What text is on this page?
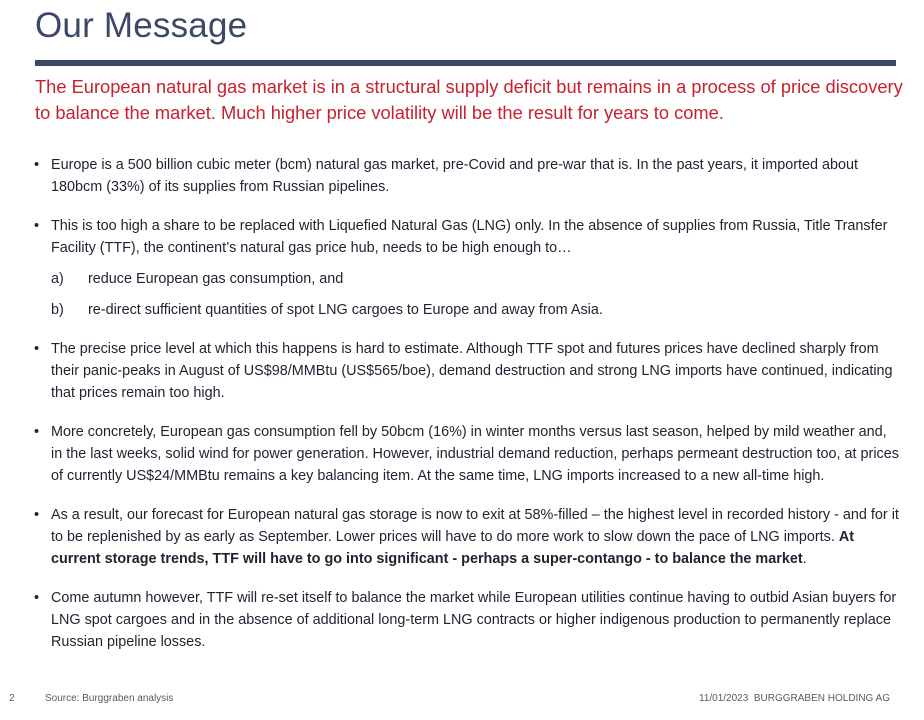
Our Message
The European natural gas market is in a structural supply deficit but remains in a process of price discovery to balance the market. Much higher price volatility will be the result for years to come.

• Europe is a 500 billion cubic meter (bcm) natural gas market, pre-Covid and pre-war that is. In the past years, it imported about 180bcm (33%) of its supplies from Russian pipelines.

• This is too high a share to be replaced with Liquefied Natural Gas (LNG) only. In the absence of supplies from Russia, Title Transfer Facility (TTF), the continent’s natural gas price hub, needs to be high enough to…

a) reduce European gas consumption, and

b) re-direct sufficient quantities of spot LNG cargoes to Europe and away from Asia.

• The precise price level at which this happens is hard to estimate. Although TTF spot and futures prices have declined sharply from their panic-peaks in August of US$98/MMBtu (US$565/boe), demand destruction and strong LNG imports have continued, indicating that prices remain too high.

• More concretely, European gas consumption fell by 50bcm (16%) in winter months versus last season, helped by mild weather and, in the last weeks, solid wind for power generation. However, industrial demand reduction, perhaps permeant destruction too, at prices of currently US$24/MMBtu remains a key balancing item. At the same time, LNG imports increased to a new all-time high.

• As a result, our forecast for European natural gas storage is now to exit at 58%-filled – the highest level in recorded history - and for it to be replenished by as early as September. Lower prices will have to do more work to slow down the pace of LNG imports. At current storage trends, TTF will have to go into significant - perhaps a super-contango - to balance the market.

• Come autumn however, TTF will re-set itself to balance the market while European utilities continue having to outbid Asian buyers for LNG spot cargoes and in the absence of additional long-term LNG contracts or higher indigenous production to permanently replace Russian pipeline losses.

2	Source: Burggraben analysis	11/01/2023 BURGGRABEN HOLDING AG
